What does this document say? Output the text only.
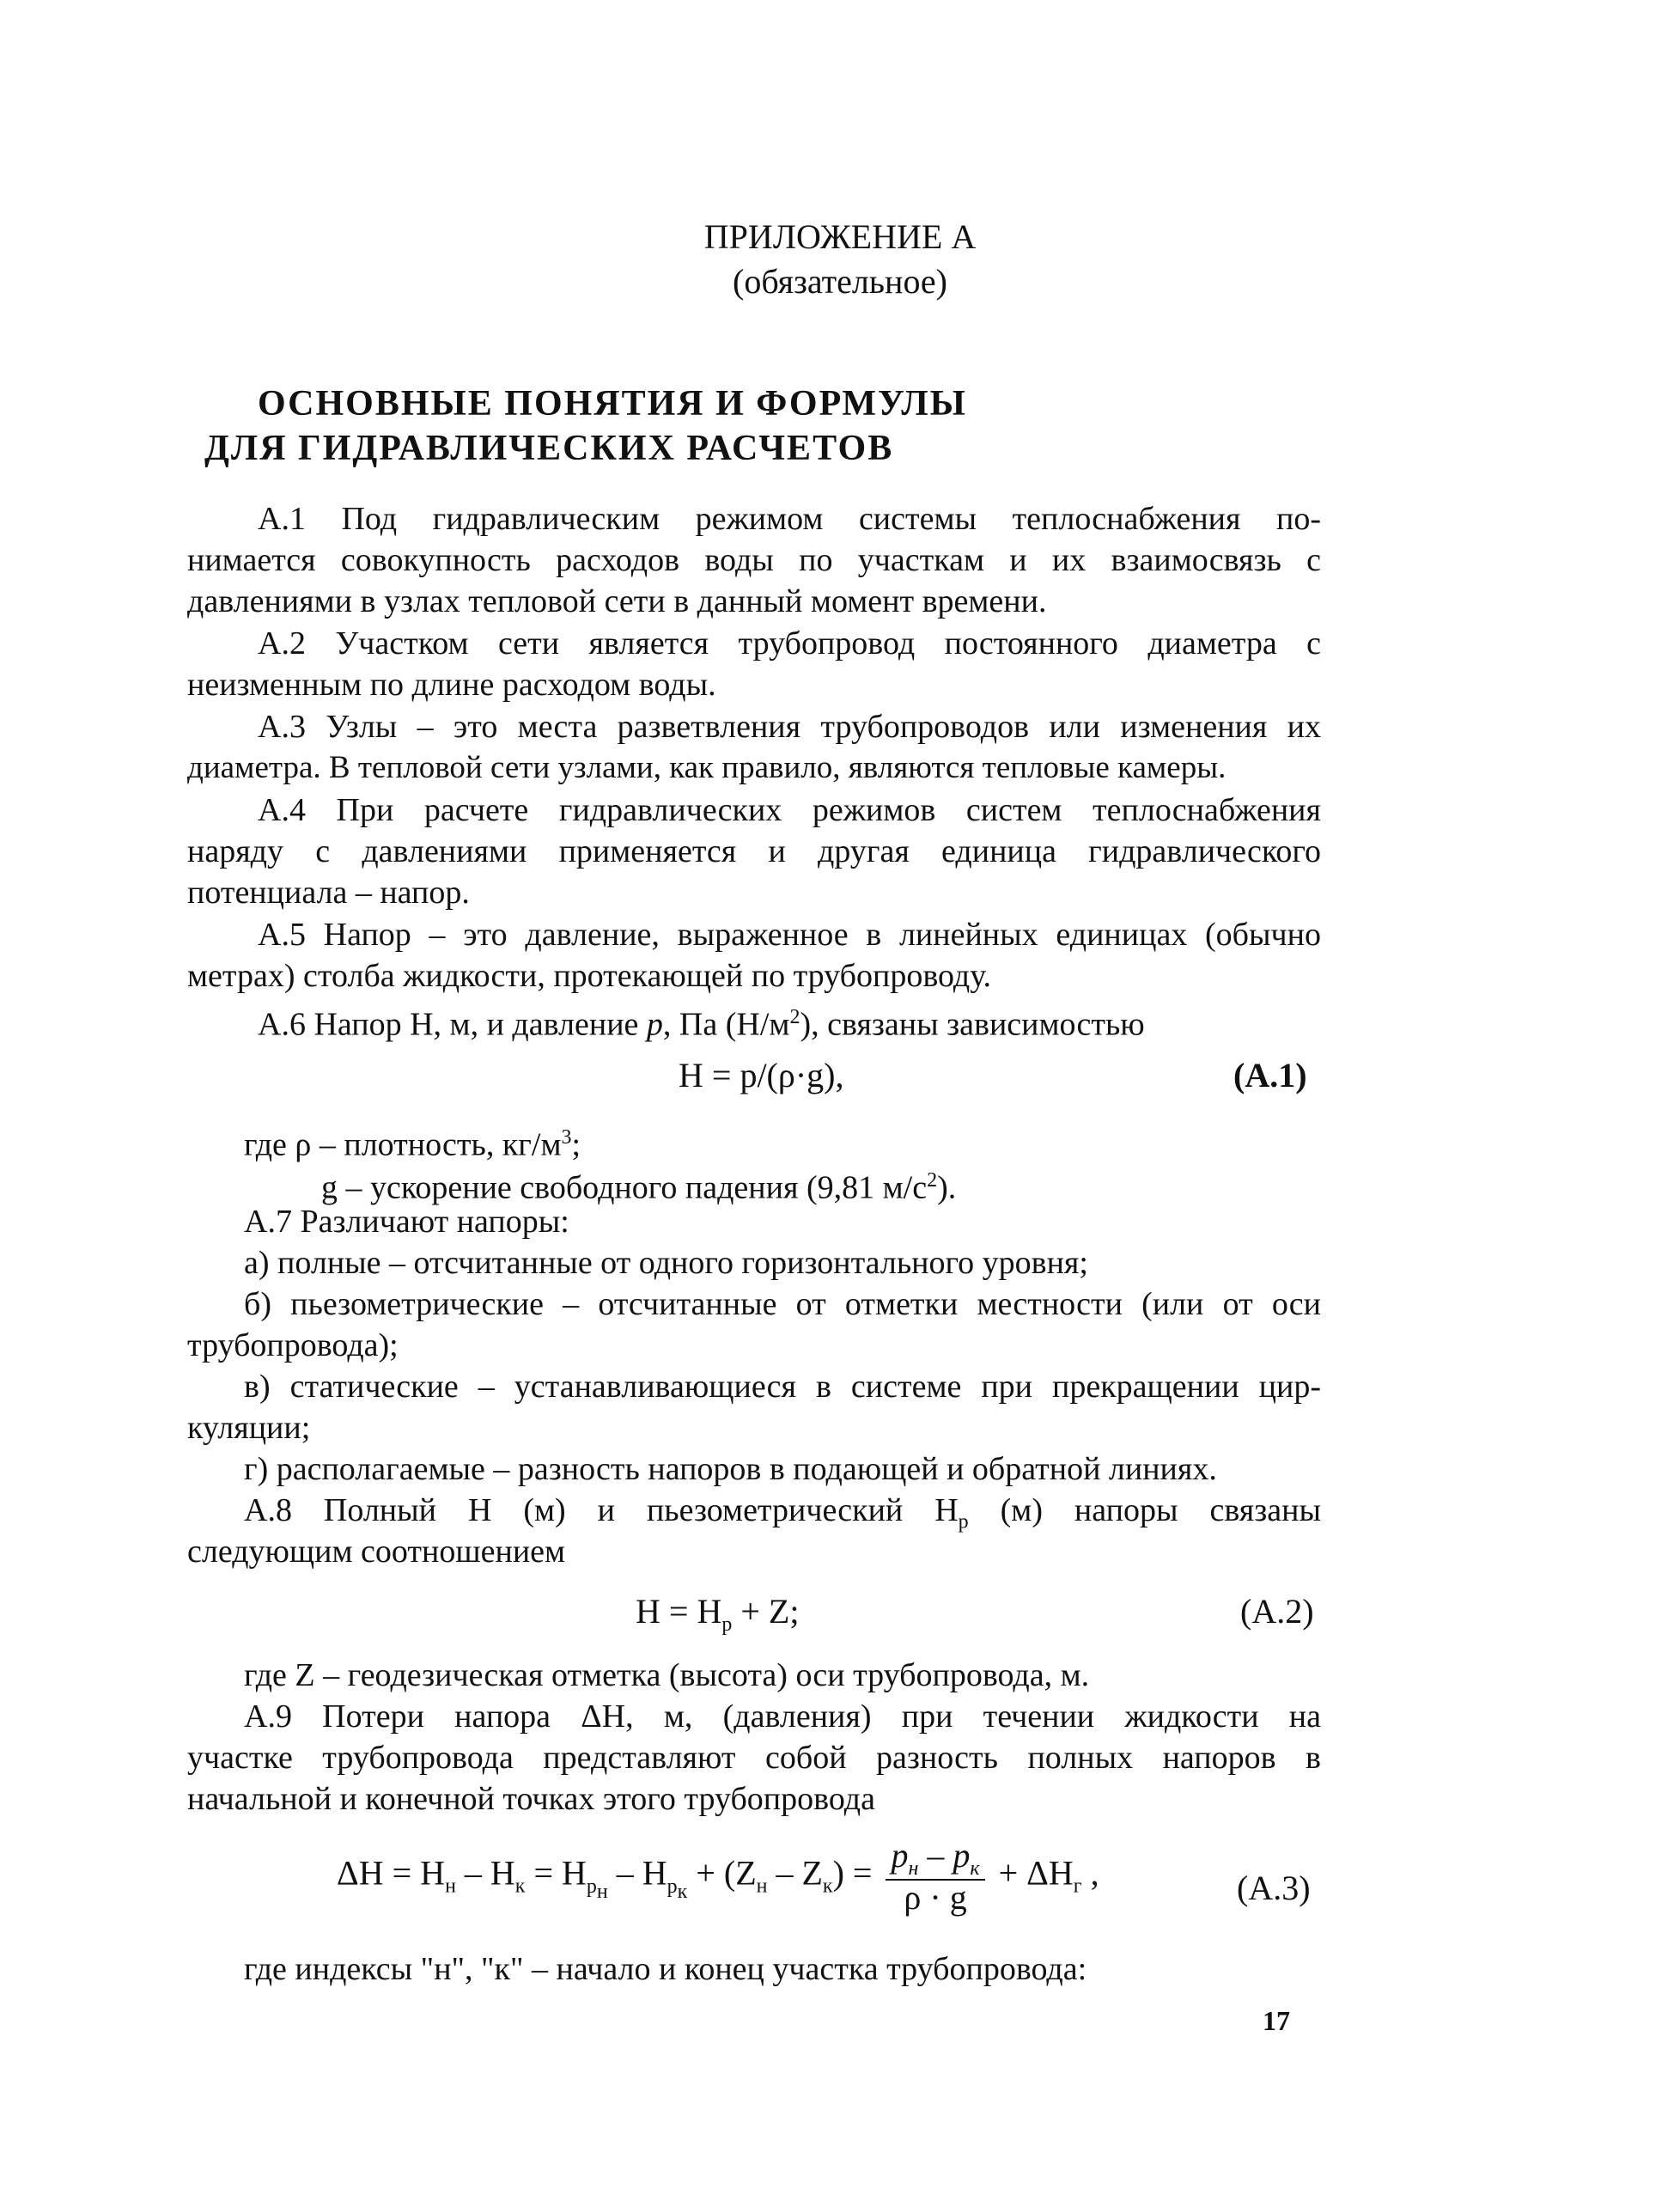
ПРИЛОЖЕНИЕ А
(обязательное)
ОСНОВНЫЕ ПОНЯТИЯ И ФОРМУЛЫ
ДЛЯ ГИДРАВЛИЧЕСКИХ РАСЧЕТОВ
А.1 Под гидравлическим режимом системы теплоснабжения по-
нимается совокупность расходов воды по участкам и их взаимосвязь с
давлениями в узлах тепловой сети в данный момент времени.
А.2 Участком сети является трубопровод постоянного диаметра с
неизменным по длине расходом воды.
А.3 Узлы – это места разветвления трубопроводов или изменения их
диаметра. В тепловой сети узлами, как правило, являются тепловые камеры.
А.4 При расчете гидравлических режимов систем теплоснабжения
наряду с давлениями применяется и другая единица гидравлического
потенциала – напор.
А.5 Напор – это давление, выраженное в линейных единицах (обычно
метрах) столба жидкости, протекающей по трубопроводу.
А.6 Напор Н, м, и давление p, Па $(Н/м^2)$, связаны зависимостью
Н = p/(ρ·g),	(А.1)
где ρ – плотность, $кг/м^3$;
g – ускорение свободного падения (9,81 $м/с^2$).
А.7 Различают напоры:
а) полные – отсчитанные от одного горизонтального уровня;
б) пьезометрические – отсчитанные от отметки местности (или от оси
трубопровода);
в) статические – устанавливающиеся в системе при прекращении цир-
куляции;
г) располагаемые – разность напоров в подающей и обратной линиях.
А.8 Полный Н (м) и пьезометрический $Н_р$ (м) напоры связаны
следующим соотношением
$Н = Н_р + Z$;	(А.2)
где Z – геодезическая отметка (высота) оси трубопровода, м.
А.9 Потери напора ΔН, м, (давления) при течении жидкости на
участке трубопровода представляют собой разность полных напоров в
начальной и конечной точках этого трубопровода
$\Delta Н = Н_н - Н_к = Н_{р_н} - Н_{р_к} + (Z_н - Z_к) = \frac{p_н - p_к}{\rho \cdot g} + \Delta Н_г$ ,	(А.3)
где индексы "н", "к" – начало и конец участка трубопровода:
17
